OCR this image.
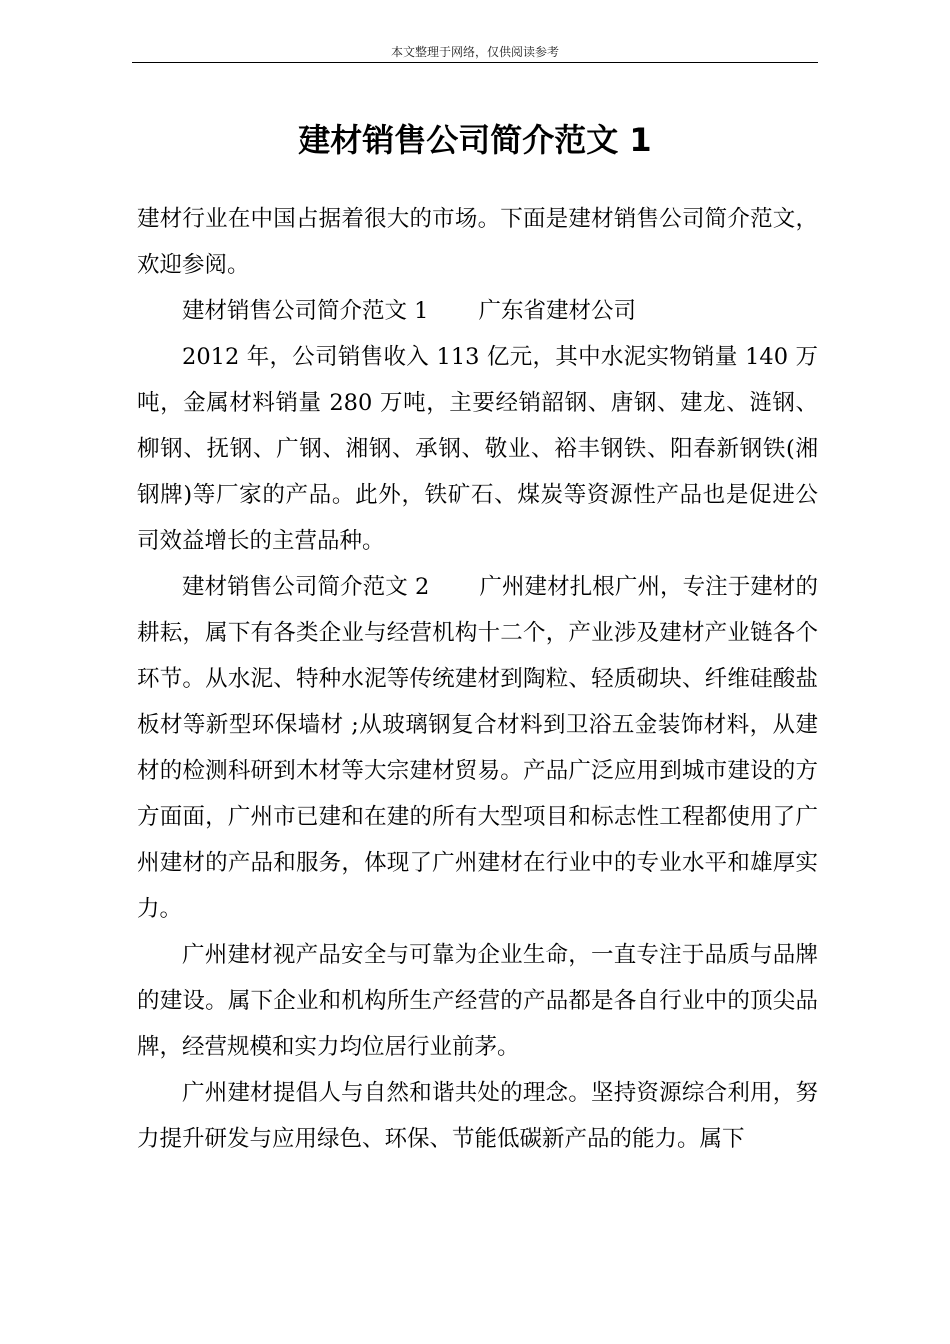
本文整理于网络，仅供阅读参考
建材销售公司简介范文 1

建材行业在中国占据着很大的市场。下面是建材销售公司简介范文，欢迎参阅。

建材销售公司简介范文 1 广东省建材公司

2012 年，公司销售收入 113 亿元，其中水泥实物销量 140 万吨，金属材料销量 280 万吨，主要经销韶钢、唐钢、建龙、涟钢、柳钢、抚钢、广钢、湘钢、承钢、敬业、裕丰钢铁、阳春新钢铁(湘钢牌)等厂家的产品。此外，铁矿石、煤炭等资源性产品也是促进公司效益增长的主营品种。

建材销售公司简介范文 2 广州建材扎根广州，专注于建材的耕耘，属下有各类企业与经营机构十二个，产业涉及建材产业链各个环节。从水泥、特种水泥等传统建材到陶粒、轻质砌块、纤维硅酸盐板材等新型环保墙材 ;从玻璃钢复合材料到卫浴五金装饰材料，从建材的检测科研到木材等大宗建材贸易。产品广泛应用到城市建设的方方面面，广州市已建和在建的所有大型项目和标志性工程都使用了广州建材的产品和服务，体现了广州建材在行业中的专业水平和雄厚实力。

广州建材视产品安全与可靠为企业生命，一直专注于品质与品牌的建设。属下企业和机构所生产经营的产品都是各自行业中的顶尖品牌，经营规模和实力均位居行业前茅。

广州建材提倡人与自然和谐共处的理念。坚持资源综合利用，努力提升研发与应用绿色、环保、节能低碳新产品的能力。属下
